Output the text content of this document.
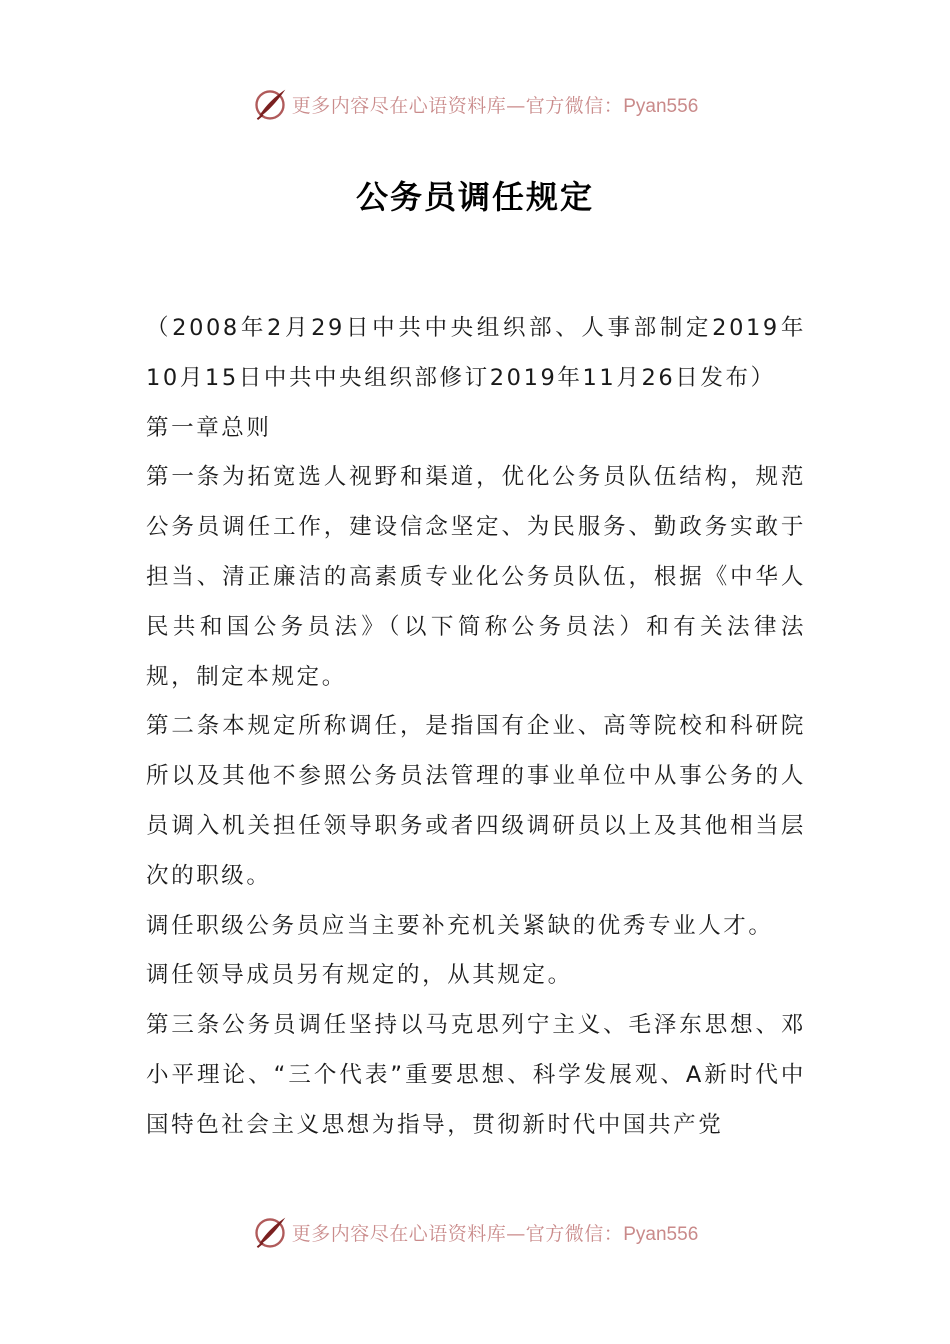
更多内容尽在心语资料库—官方微信：Pyan556
公务员调任规定

（2008年2月29日中共中央组织部、人事部制定2019年10月15日中共中央组织部修订2019年11月26日发布）

第一章总则

第一条为拓宽选人视野和渠道，优化公务员队伍结构，规范公务员调任工作，建设信念坚定、为民服务、勤政务实敢于担当、清正廉洁的高素质专业化公务员队伍，根据《中华人民共和国公务员法》（以下简称公务员法）和有关法律法规，制定本规定。

第二条本规定所称调任，是指国有企业、高等院校和科研院所以及其他不参照公务员法管理的事业单位中从事公务的人员调入机关担任领导职务或者四级调研员以上及其他相当层次的职级。

调任职级公务员应当主要补充机关紧缺的优秀专业人才。

调任领导成员另有规定的，从其规定。

第三条公务员调任坚持以马克思列宁主义、毛泽东思想、邓小平理论、“三个代表”重要思想、科学发展观、A新时代中国特色社会主义思想为指导，贯彻新时代中国共产党

更多内容尽在心语资料库—官方微信：Pyan556
